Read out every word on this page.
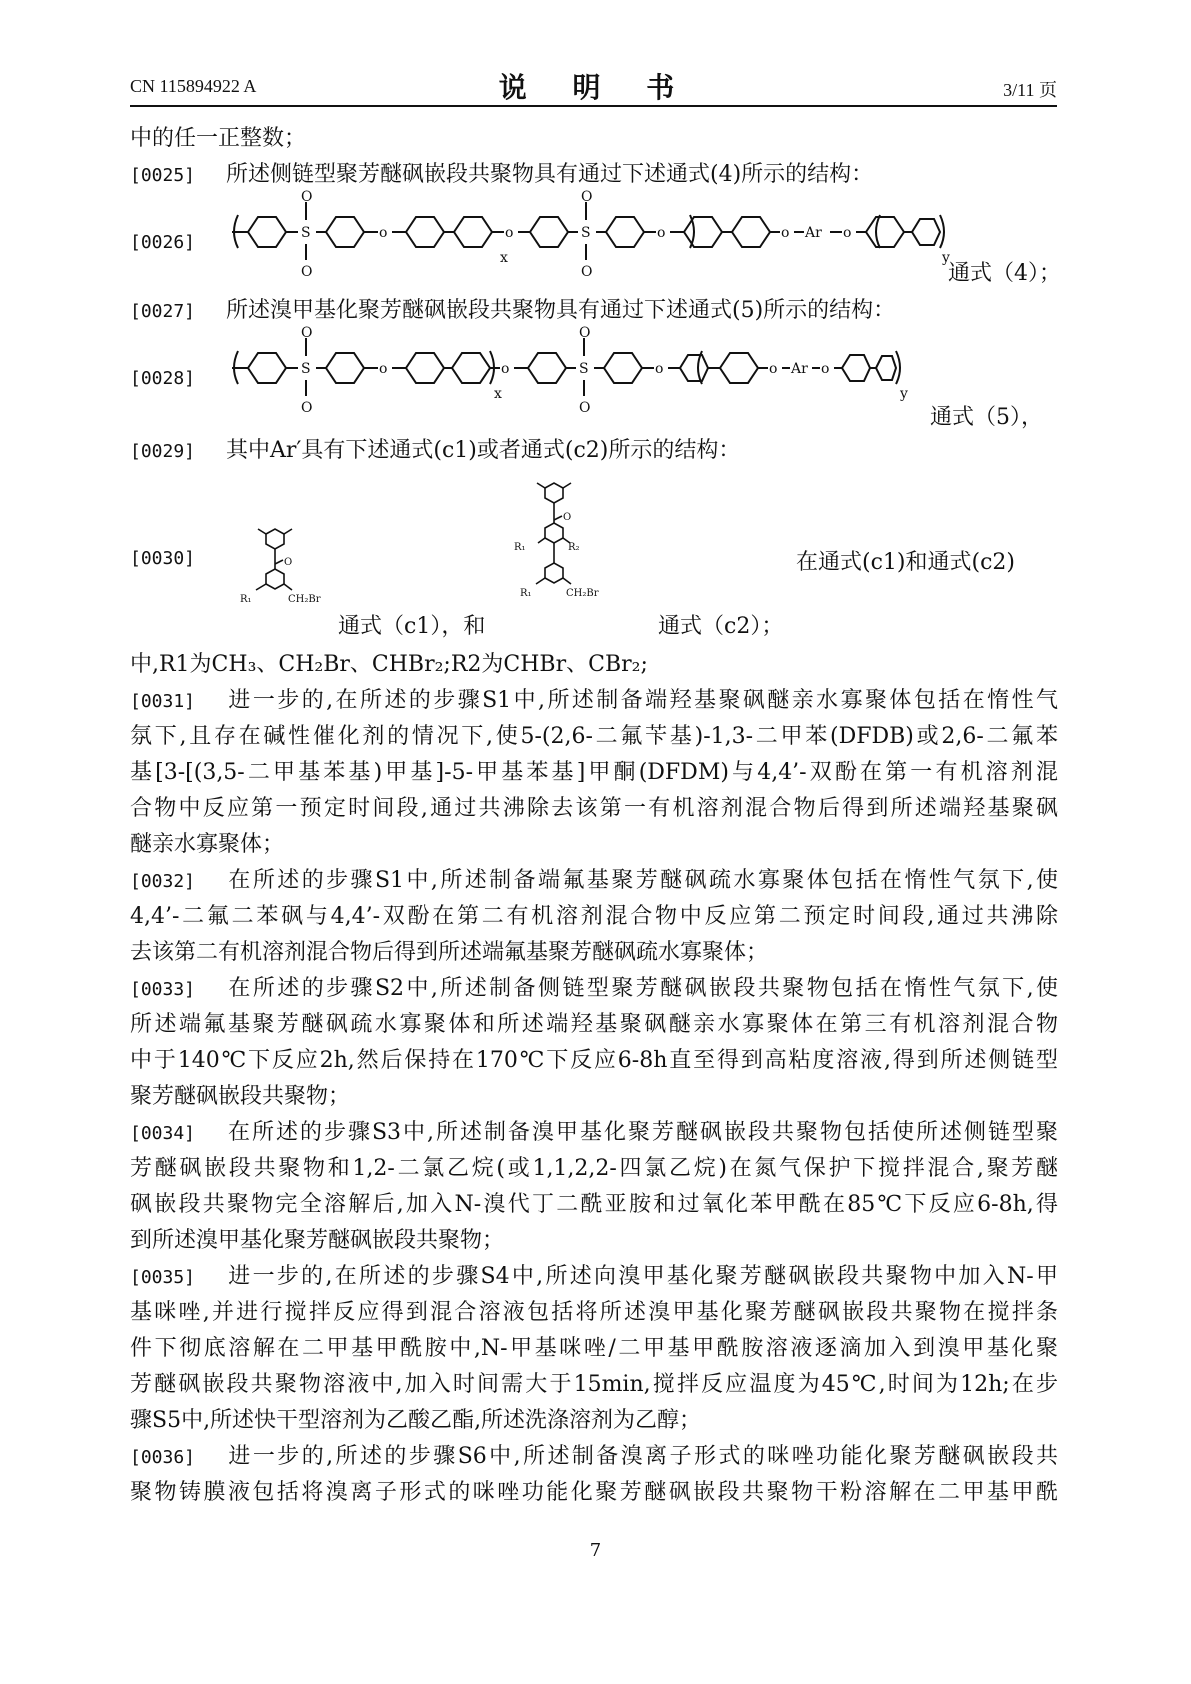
CN 115894922 A	说 明 书	3/11 页
中的任一正整数；
[0025] 所述侧链型聚芳醚砜嵌段共聚物具有通过下述通式(4)所示的结构：
[0026]
O
S
O
o	o
x
O
S
O
o	o Ar o
y
通式（4）；
[0027] 所述溴甲基化聚芳醚砜嵌段共聚物具有通过下述通式(5)所示的结构：
[0028]
O
S
O
o	o
x
O
S
O
o	o Ar o
y
通式（5），
[0029] 其中Ar′具有下述通式(c1)或者通式(c2)所示的结构：
[0030]	O
R₁	CH₂Br
通式（c1），和
O
R₁	R₂
R₁	CH₂Br
通式（c2）；
在通式(c1)和通式(c2)
中,R1为CH₃、CH₂Br、CHBr₂;R2为CHBr、CBr₂;
[0031] 进一步的,在所述的步骤S1中,所述制备端羟基聚砜醚亲水寡聚体包括在惰性气
氛下,且存在碱性催化剂的情况下,使5-(2,6-二氟苄基)-1,3-二甲苯(DFDB)或2,6-二氟苯
基[3-[(3,5-二甲基苯基)甲基]-5-甲基苯基]甲酮(DFDM)与4,4’-双酚在第一有机溶剂混
合物中反应第一预定时间段,通过共沸除去该第一有机溶剂混合物后得到所述端羟基聚砜
醚亲水寡聚体；
[0032] 在所述的步骤S1中,所述制备端氟基聚芳醚砜疏水寡聚体包括在惰性气氛下,使
4,4’-二氟二苯砜与4,4’-双酚在第二有机溶剂混合物中反应第二预定时间段,通过共沸除
去该第二有机溶剂混合物后得到所述端氟基聚芳醚砜疏水寡聚体；
[0033] 在所述的步骤S2中,所述制备侧链型聚芳醚砜嵌段共聚物包括在惰性气氛下,使
所述端氟基聚芳醚砜疏水寡聚体和所述端羟基聚砜醚亲水寡聚体在第三有机溶剂混合物
中于140℃下反应2h,然后保持在170℃下反应6-8h直至得到高粘度溶液,得到所述侧链型
聚芳醚砜嵌段共聚物；
[0034] 在所述的步骤S3中,所述制备溴甲基化聚芳醚砜嵌段共聚物包括使所述侧链型聚
芳醚砜嵌段共聚物和1,2-二氯乙烷(或1,1,2,2-四氯乙烷)在氮气保护下搅拌混合,聚芳醚
砜嵌段共聚物完全溶解后,加入N-溴代丁二酰亚胺和过氧化苯甲酰在85℃下反应6-8h,得
到所述溴甲基化聚芳醚砜嵌段共聚物；
[0035] 进一步的,在所述的步骤S4中,所述向溴甲基化聚芳醚砜嵌段共聚物中加入N-甲
基咪唑,并进行搅拌反应得到混合溶液包括将所述溴甲基化聚芳醚砜嵌段共聚物在搅拌条
件下彻底溶解在二甲基甲酰胺中,N-甲基咪唑/二甲基甲酰胺溶液逐滴加入到溴甲基化聚
芳醚砜嵌段共聚物溶液中,加入时间需大于15min,搅拌反应温度为45℃,时间为12h;在步
骤S5中,所述快干型溶剂为乙酸乙酯,所述洗涤溶剂为乙醇；
[0036] 进一步的,所述的步骤S6中,所述制备溴离子形式的咪唑功能化聚芳醚砜嵌段共
聚物铸膜液包括将溴离子形式的咪唑功能化聚芳醚砜嵌段共聚物干粉溶解在二甲基甲酰
7
